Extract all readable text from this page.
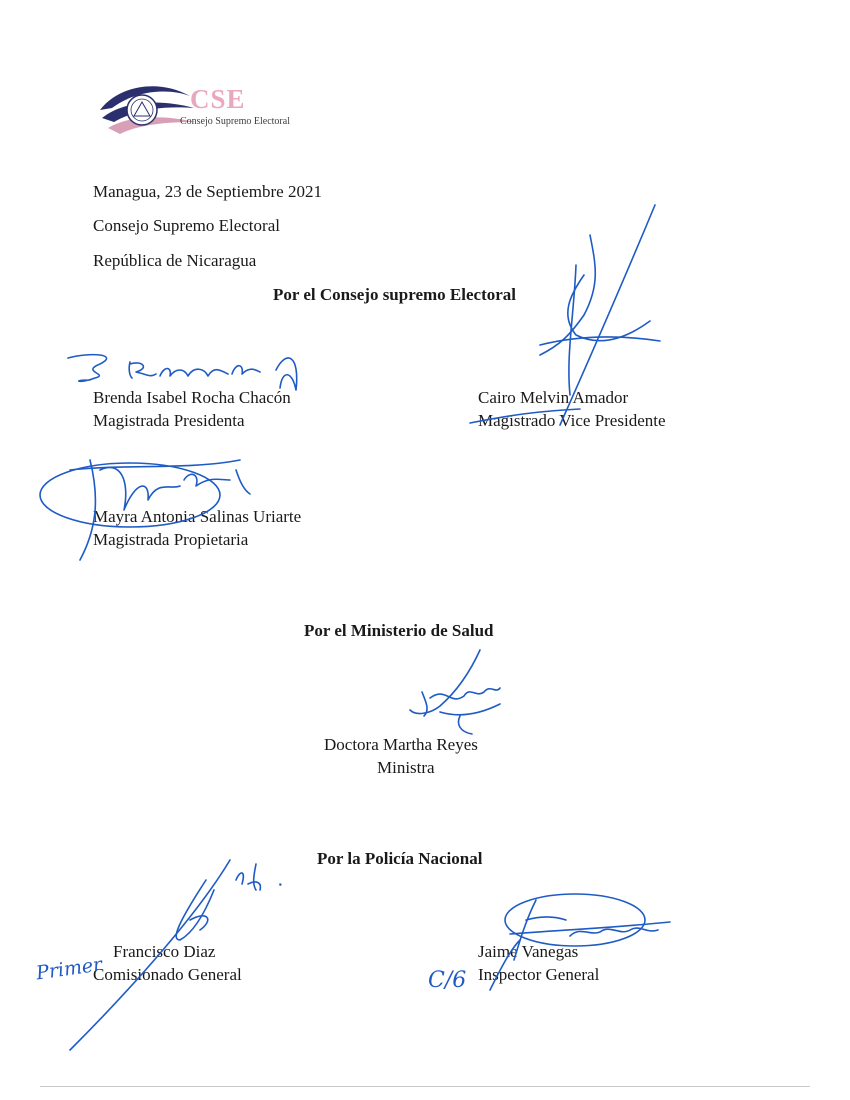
CSE
Consejo Supremo Electoral
Managua, 23 de Septiembre 2021
Consejo Supremo Electoral
República de Nicaragua
Por el Consejo supremo Electoral
Brenda Isabel Rocha Chacón
Magistrada Presidenta
Cairo Melvin Amador
Magistrado Vice Presidente
Mayra Antonia Salinas Uriarte
Magistrada Propietaria
Por el Ministerio de Salud
Doctora Martha Reyes
Ministra
Por la Policía Nacional
Francisco Diaz
Comisionado General
Jaime Vanegas
Inspector General
Primer	C/6
